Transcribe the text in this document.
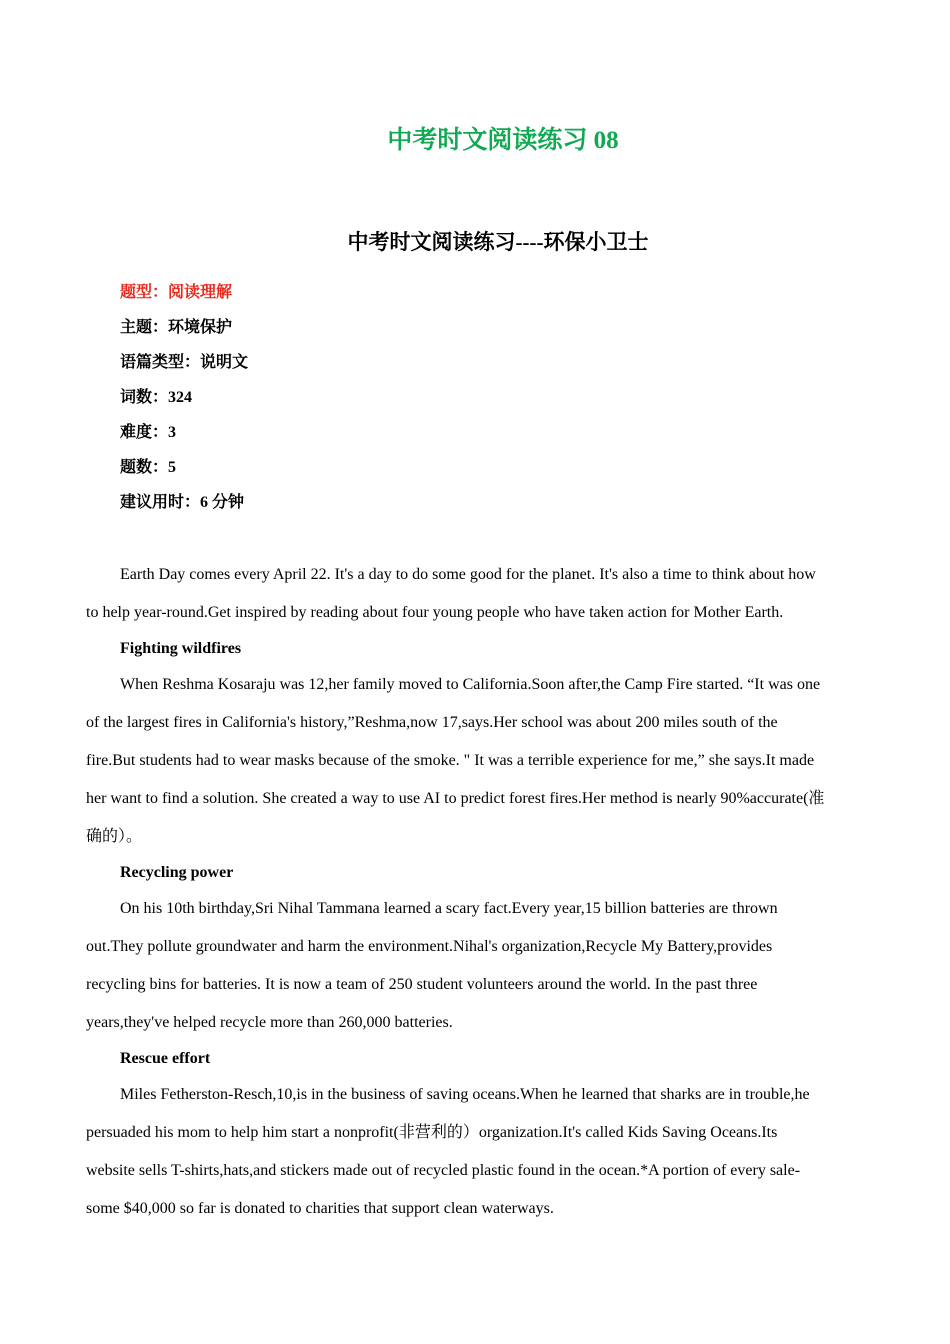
中考时文阅读练习 08
中考时文阅读练习----环保小卫士
题型：阅读理解
主题：环境保护
语篇类型：说明文
词数：324
难度：3
题数：5
建议用时：6 分钟

Earth Day comes every April 22. It's a day to do some good for the planet. It's also a time to think about how
to help year-round.Get inspired by reading about four young people who have taken action for Mother Earth.

Fighting wildfires

When Reshma Kosaraju was 12,her family moved to California.Soon after,the Camp Fire started. “It was one
of the largest fires in California's history,”Reshma,now 17,says.Her school was about 200 miles south of the
fire.But students had to wear masks because of the smoke. " It was a terrible experience for me,” she says.It made
her want to find a solution. She created a way to use AI to predict forest fires.Her method is nearly 90%accurate(准
确的）。

Recycling power

On his 10th birthday,Sri Nihal Tammana learned a scary fact.Every year,15 billion batteries are thrown
out.They pollute groundwater and harm the environment.Nihal's organization,Recycle My Battery,provides
recycling bins for batteries. It is now a team of 250 student volunteers around the world. In the past three
years,they've helped recycle more than 260,000 batteries.

Rescue effort

Miles Fetherston-Resch,10,is in the business of saving oceans.When he learned that sharks are in trouble,he
persuaded his mom to help him start a nonprofit(非营利的）organization.It's called Kids Saving Oceans.Its
website sells T-shirts,hats,and stickers made out of recycled plastic found in the ocean.*A portion of every sale-
some $40,000 so far is donated to charities that support clean waterways.
